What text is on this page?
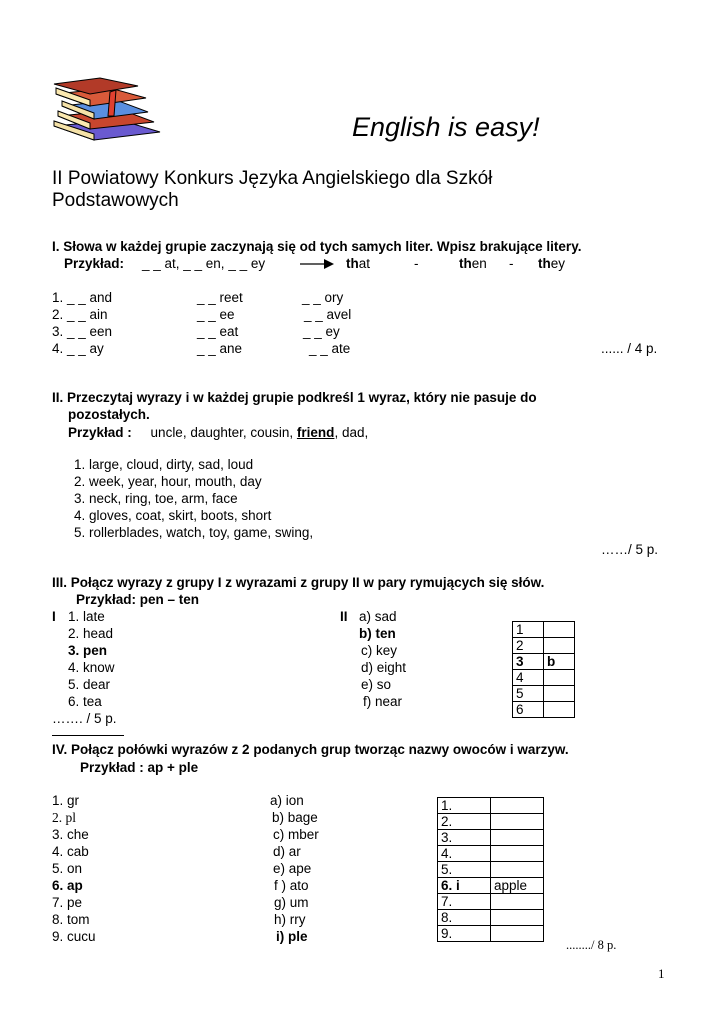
English is easy!
II Powiatowy Konkurs Języka Angielskiego dla Szkół Podstawowych
I. Słowa w każdej grupie zaczynają się od tych samych liter. Wpisz brakujące litery.
Przykład: _ _ at, _ _ en, _ _ ey	that	-	then - they
1. _ _ and	_ _ reet	_ _ ory
2. _ _ ain	_ _ ee	_ _ avel
3. _ _ een	_ _ eat	_ _ ey
4. _ _ ay	_ _ ane	_ _ ate	...... / 4 p.
II. Przeczytaj wyrazy i w każdej grupie podkreśl 1 wyraz, który nie pasuje do
pozostałych.
Przykład : uncle, daughter, cousin, friend, dad,
1. large, cloud, dirty, sad, loud
2. week, year, hour, mouth, day
3. neck, ring, toe, arm, face
4. gloves, coat, skirt, boots, short
5. rollerblades, watch, toy, game, swing,
……/ 5 p.
III. Połącz wyrazy z grupy I z wyrazami z grupy II w pary rymujących się słów.
Przykład: pen – ten
I 1. late
2. head
3. pen
4. know
5. dear
6. tea
……. / 5 p.
II a) sad
b) ten
c) key
d) eight
e) so
f) near
1	
2	
3	b
4	
5	
6	
IV. Połącz połówki wyrazów z 2 podanych grup tworząc nazwy owoców i warzyw.
Przykład : ap + ple
1. gr
2. pl
3. che
4. cab
5. on
6. ap
7. pe
8. tom
9. cucu
a) ion
b) bage
c) mber
d) ar
e) ape
f ) ato
g) um
h) rry
i) ple
1.	
2.	
3.	
4.	
5.	
6. i	apple
7.	
8.	
9.	
......../ 8 p.
1
